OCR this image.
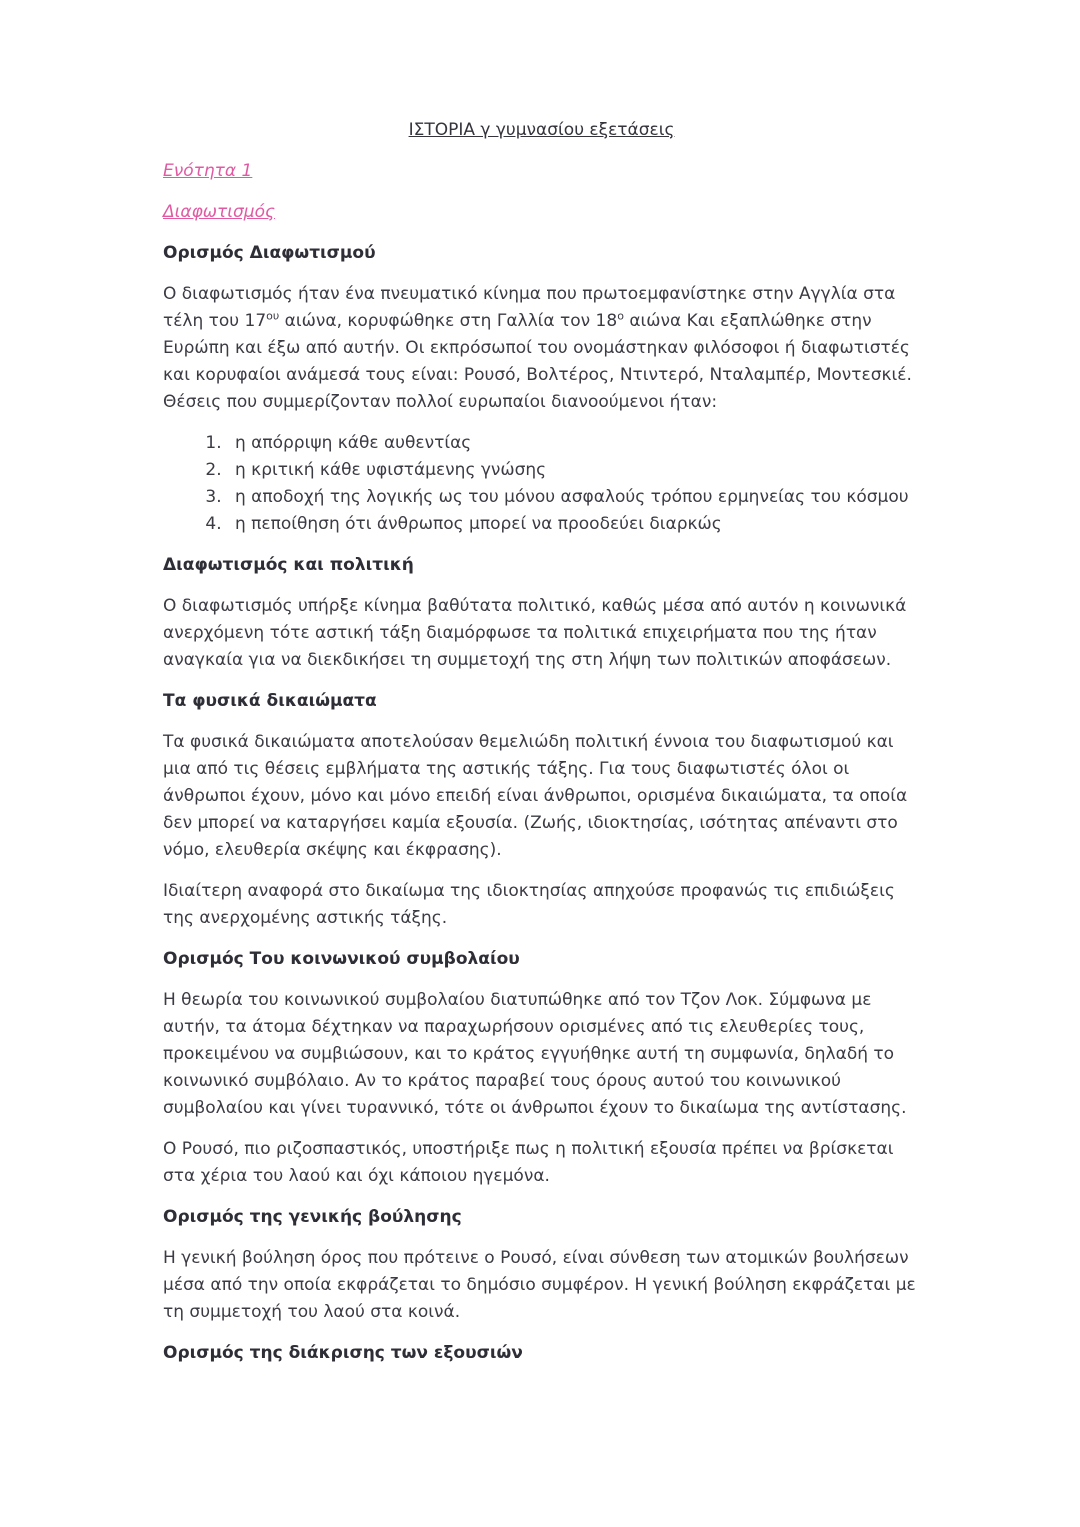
ΙΣΤΟΡΙΑ γ γυμνασίου εξετάσεις

Ενότητα 1

Διαφωτισμός

Ορισμός Διαφωτισμού

Ο διαφωτισμός ήταν ένα πνευματικό κίνημα που πρωτοεμφανίστηκε στην Αγγλία στα τέλη του $17^{o\upsilon}$ αιώνα, κορυφώθηκε στη Γαλλία τον $18^o$ αιώνα Και εξαπλώθηκε στην Ευρώπη και έξω από αυτήν. Οι εκπρόσωποί του ονομάστηκαν φιλόσοφοι ή διαφωτιστές και κορυφαίοι ανάμεσά τους είναι: Ρουσό, Βολτέρος, Ντιντερό, Νταλαμπέρ, Μοντεσκιέ. Θέσεις που συμμερίζονταν πολλοί ευρωπαίοι διανοούμενοι ήταν:

1. η απόρριψη κάθε αυθεντίας
2. η κριτική κάθε υφιστάμενης γνώσης
3. η αποδοχή της λογικής ως του μόνου ασφαλούς τρόπου ερμηνείας του κόσμου
4. η πεποίθηση ότι άνθρωπος μπορεί να προοδεύει διαρκώς

Διαφωτισμός και πολιτική

Ο διαφωτισμός υπήρξε κίνημα βαθύτατα πολιτικό, καθώς μέσα από αυτόν η κοινωνικά ανερχόμενη τότε αστική τάξη διαμόρφωσε τα πολιτικά επιχειρήματα που της ήταν αναγκαία για να διεκδικήσει τη συμμετοχή της στη λήψη των πολιτικών αποφάσεων.

Τα φυσικά δικαιώματα

Τα φυσικά δικαιώματα αποτελούσαν θεμελιώδη πολιτική έννοια του διαφωτισμού και μια από τις θέσεις εμβλήματα της αστικής τάξης. Για τους διαφωτιστές όλοι οι άνθρωποι έχουν, μόνο και μόνο επειδή είναι άνθρωποι, ορισμένα δικαιώματα, τα οποία δεν μπορεί να καταργήσει καμία εξουσία. (Ζωής, ιδιοκτησίας, ισότητας απέναντι στο νόμο, ελευθερία σκέψης και έκφρασης).

Ιδιαίτερη αναφορά στο δικαίωμα της ιδιοκτησίας απηχούσε προφανώς τις επιδιώξεις της ανερχομένης αστικής τάξης.

Ορισμός Του κοινωνικού συμβολαίου

Η θεωρία του κοινωνικού συμβολαίου διατυπώθηκε από τον Τζον Λοκ. Σύμφωνα με αυτήν, τα άτομα δέχτηκαν να παραχωρήσουν ορισμένες από τις ελευθερίες τους, προκειμένου να συμβιώσουν, και το κράτος εγγυήθηκε αυτή τη συμφωνία, δηλαδή το κοινωνικό συμβόλαιο. Αν το κράτος παραβεί τους όρους αυτού του κοινωνικού συμβολαίου και γίνει τυραννικό, τότε οι άνθρωποι έχουν το δικαίωμα της αντίστασης.

Ο Ρουσό, πιο ριζοσπαστικός, υποστήριξε πως η πολιτική εξουσία πρέπει να βρίσκεται στα χέρια του λαού και όχι κάποιου ηγεμόνα.

Ορισμός της γενικής βούλησης

Η γενική βούληση όρος που πρότεινε ο Ρουσό, είναι σύνθεση των ατομικών βουλήσεων μέσα από την οποία εκφράζεται το δημόσιο συμφέρον. Η γενική βούληση εκφράζεται με τη συμμετοχή του λαού στα κοινά.

Ορισμός της διάκρισης των εξουσιών
